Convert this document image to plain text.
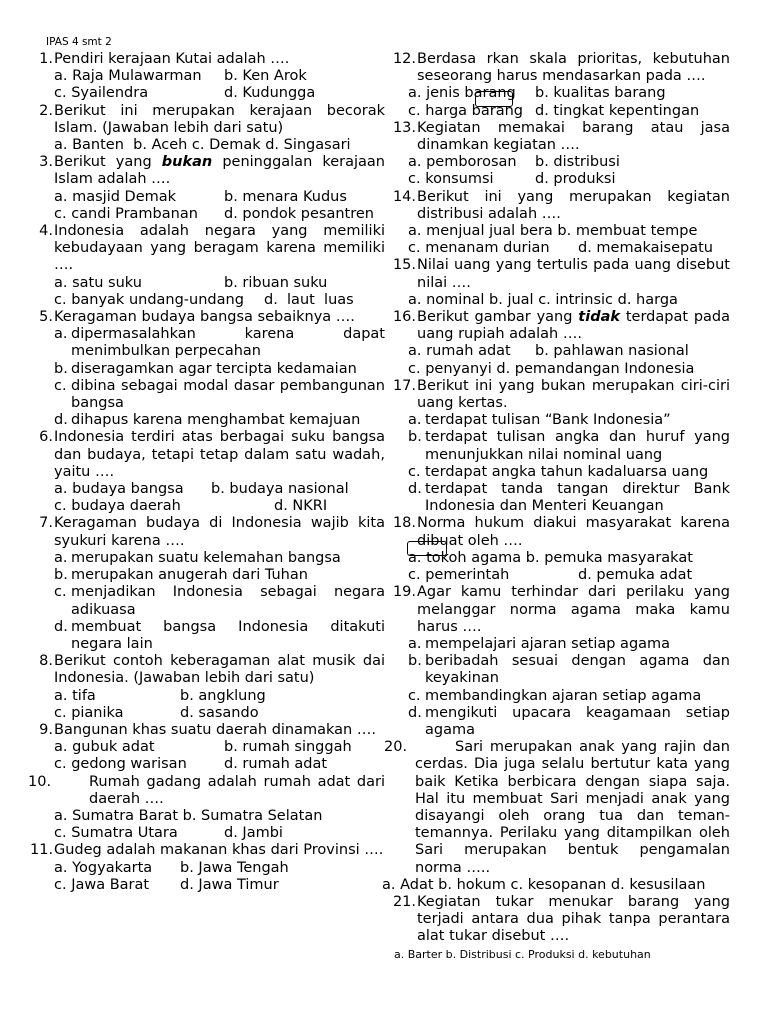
IPAS 4 smt 2
1. Pendiri kerajaan Kutai adalah ….
a. Raja Mulawarman	b. Ken Arok
c. Syailendra	d. Kudungga
2. Berikut ini merupakan kerajaan becorak Islam. (Jawaban lebih dari satu)
a. Banten  b. Aceh c. Demak d. Singasari
3. Berikut yang bukan peninggalan kerajaan Islam adalah ….
a. masjid Demak	b. menara Kudus
c. candi Prambanan	d. pondok pesantren
4. Indonesia adalah negara yang memiliki kebudayaan yang beragam karena memiliki ….
a. satu suku	b. ribuan suku
c. banyak undang-undang	d.  laut  luas
5. Keragaman budaya bangsa sebaiknya ….
a. dipermasalahkan karena dapat menimbulkan perpecahan
b. diseragamkan agar tercipta kedamaian
c. dibina sebagai modal dasar pembangunan bangsa
d. dihapus karena menghambat kemajuan
6. Indonesia terdiri atas berbagai suku bangsa dan budaya, tetapi tetap dalam satu wadah, yaitu ….
a. budaya bangsa	b. budaya nasional
c. budaya daerah	d. NKRI
7. Keragaman budaya di Indonesia wajib kita syukuri karena ….
a. merupakan suatu kelemahan bangsa
b. merupakan anugerah dari Tuhan
c. menjadikan Indonesia sebagai negara adikuasa
d. membuat bangsa Indonesia ditakuti negara lain
8. Berikut contoh keberagaman alat musik dai Indonesia. (Jawaban lebih dari satu)
a. tifa	b. angklung
c. pianika	d. sasando
9. Bangunan khas suatu daerah dinamakan ….
a. gubuk adat	b. rumah singgah
c. gedong warisan	d. rumah adat
10.	Rumah gadang adalah rumah adat dari daerah ….
a. Sumatra Barat b. Sumatra Selatan
c. Sumatra Utara	d. Jambi
11. Gudeg adalah makanan khas dari Provinsi ….
a. Yogyakarta	b. Jawa Tengah
c. Jawa Barat	d. Jawa Timur
12. Berdasa rkan skala prioritas, kebutuhan seseorang harus mendasarkan pada ….
a. jenis barang	b. kualitas barang
c. harga barang d. tingkat kepentingan
13. Kegiatan memakai barang atau jasa dinamkan kegiatan ….
a. pemborosan	b. distribusi
c. konsumsi	d. produksi
14. Berikut ini yang merupakan kegiatan distribusi adalah ….
a. menjual jual bera b. membuat tempe
c. menanam durian	d. memakaisepatu
15. Nilai uang yang tertulis pada uang disebut nilai ….
a. nominal b. jual c. intrinsic d. harga
16. Berikut gambar yang tidak terdapat pada uang rupiah adalah ….
a. rumah adat	b. pahlawan nasional
c. penyanyi d. pemandangan Indonesia
17. Berikut ini yang bukan merupakan ciri-ciri uang kertas.
a. terdapat tulisan “Bank Indonesia”
b. terdapat tulisan angka dan huruf yang menunjukkan nilai nominal uang
c. terdapat angka tahun kadaluarsa uang
d. terdapat tanda tangan direktur Bank Indonesia dan Menteri Keuangan
18. Norma hukum diakui masyarakat karena dibuat oleh ….
a. tokoh agama b. pemuka masyarakat
c. pemerintah	d. pemuka adat
19. Agar kamu terhindar dari perilaku yang melanggar norma agama maka kamu harus ….
a. mempelajari ajaran setiap agama
b. beribadah sesuai dengan agama dan keyakinan
c. membandingkan ajaran setiap agama
d. mengikuti upacara keagamaan setiap agama
20.	Sari merupakan anak yang rajin dan cerdas. Dia juga selalu bertutur kata yang baik Ketika berbicara dengan siapa saja. Hal itu membuat Sari menjadi anak yang disayangi oleh orang tua dan teman-temannya. Perilaku yang ditampilkan oleh Sari merupakan bentuk pengamalan norma …..
a. Adat b. hokum c. kesopanan d. kesusilaan
21. Kegiatan tukar menukar barang yang terjadi antara dua pihak tanpa perantara alat tukar disebut ….
a. Barter b. Distribusi c. Produksi d. kebutuhan
